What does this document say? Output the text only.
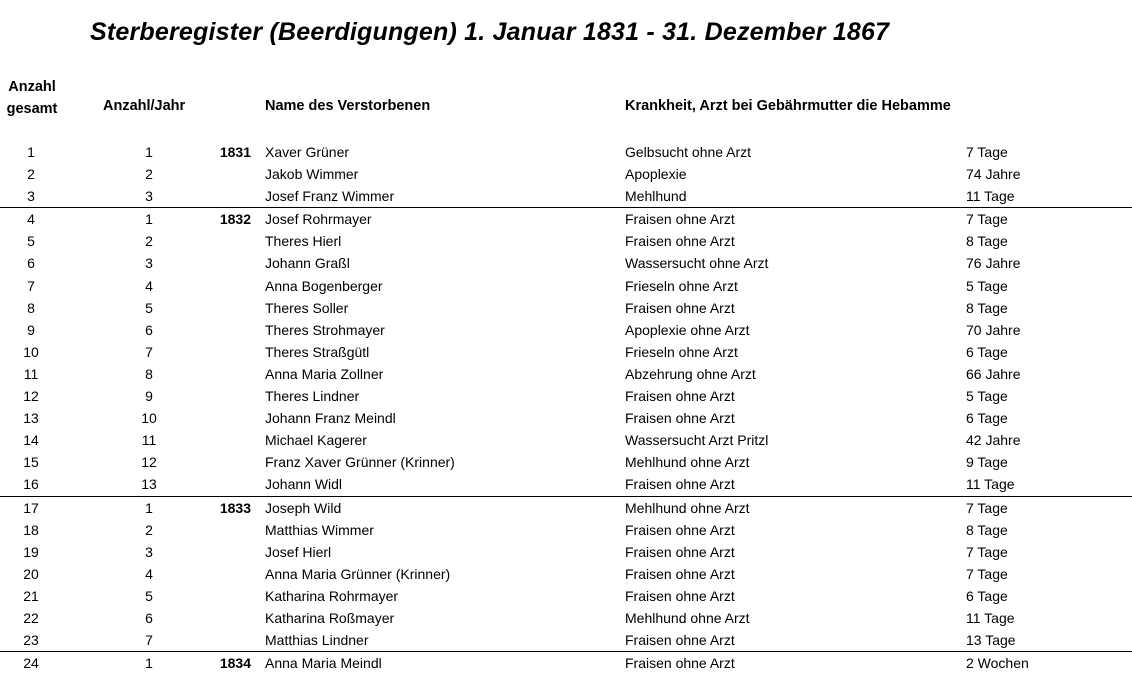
Sterberegister (Beerdigungen) 1. Januar 1831 - 31. Dezember 1867
Anzahl
gesamt	Anzahl/Jahr	Name des Verstorbenen	Krankheit, Arzt bei Gebährmutter die Hebamme
1	1	1831 Xaver Grüner	Gelbsucht ohne Arzt	7 Tage
2	2	Jakob Wimmer	Apoplexie	74 Jahre
3	3	Josef Franz Wimmer	Mehlhund	11 Tage
4	1	1832 Josef Rohrmayer	Fraisen ohne Arzt	7 Tage
5	2	Theres Hierl	Fraisen ohne Arzt	8 Tage
6	3	Johann Graßl	Wassersucht ohne Arzt	76 Jahre
7	4	Anna Bogenberger	Frieseln ohne Arzt	5 Tage
8	5	Theres Soller	Fraisen ohne Arzt	8 Tage
9	6	Theres Strohmayer	Apoplexie ohne Arzt	70 Jahre
10	7	Theres Straßgütl	Frieseln ohne Arzt	6 Tage
11	8	Anna Maria Zollner	Abzehrung ohne Arzt	66 Jahre
12	9	Theres Lindner	Fraisen ohne Arzt	5 Tage
13	10	Johann Franz Meindl	Fraisen ohne Arzt	6 Tage
14	11	Michael Kagerer	Wassersucht Arzt Pritzl	42 Jahre
15	12	Franz Xaver Grünner (Krinner)	Mehlhund ohne Arzt	9 Tage
16	13	Johann Widl	Fraisen ohne Arzt	11 Tage
17	1	1833 Joseph Wild	Mehlhund ohne Arzt	7 Tage
18	2	Matthias Wimmer	Fraisen ohne Arzt	8 Tage
19	3	Josef Hierl	Fraisen ohne Arzt	7 Tage
20	4	Anna Maria Grünner (Krinner)	Fraisen ohne Arzt	7 Tage
21	5	Katharina Rohrmayer	Fraisen ohne Arzt	6 Tage
22	6	Katharina Roßmayer	Mehlhund ohne Arzt	11 Tage
23	7	Matthias Lindner	Fraisen ohne Arzt	13 Tage
24	1	1834 Anna Maria Meindl	Fraisen ohne Arzt	2 Wochen
